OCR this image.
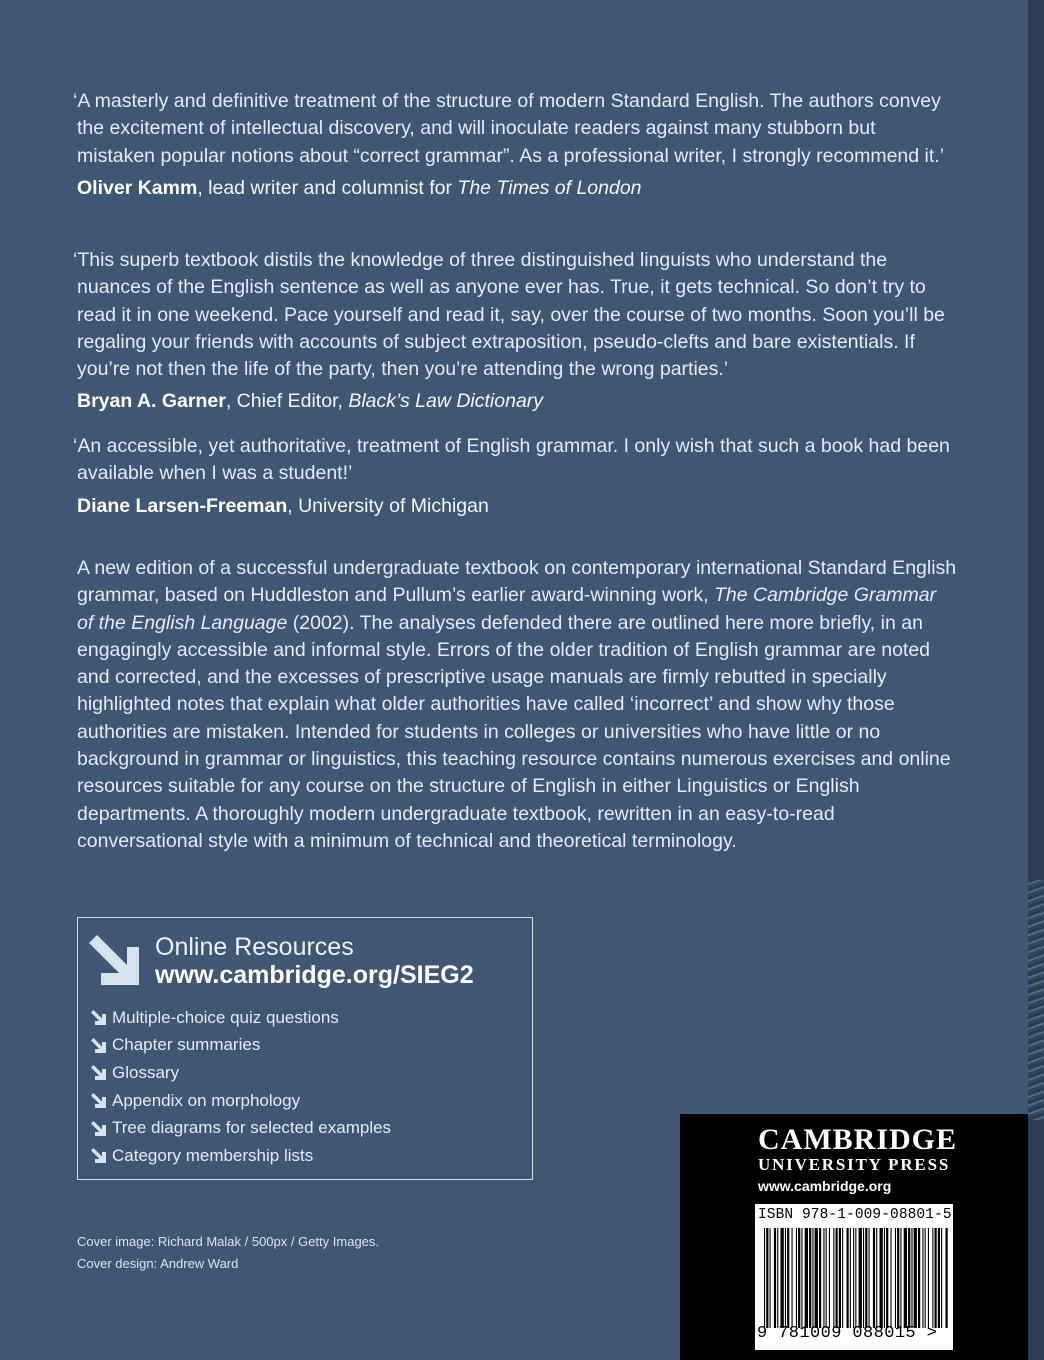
‘A masterly and definitive treatment of the structure of modern Standard English. The authors convey the excitement of intellectual discovery, and will inoculate readers against many stubborn but mistaken popular notions about “correct grammar”. As a professional writer, I strongly recommend it.’

Oliver Kamm, lead writer and columnist for The Times of London

‘This superb textbook distils the knowledge of three distinguished linguists who understand the nuances of the English sentence as well as anyone ever has. True, it gets technical. So don’t try to read it in one weekend. Pace yourself and read it, say, over the course of two months. Soon you’ll be regaling your friends with accounts of subject extraposition, pseudo-clefts and bare existentials. If you’re not then the life of the party, then you’re attending the wrong parties.’

Bryan A. Garner, Chief Editor, Black’s Law Dictionary

‘An accessible, yet authoritative, treatment of English grammar. I only wish that such a book had been available when I was a student!’

Diane Larsen-Freeman, University of Michigan

A new edition of a successful undergraduate textbook on contemporary international Standard English grammar, based on Huddleston and Pullum’s earlier award-winning work, The Cambridge Grammar of the English Language (2002). The analyses defended there are outlined here more briefly, in an engagingly accessible and informal style. Errors of the older tradition of English grammar are noted and corrected, and the excesses of prescriptive usage manuals are firmly rebutted in specially highlighted notes that explain what older authorities have called ‘incorrect’ and show why those authorities are mistaken. Intended for students in colleges or universities who have little or no background in grammar or linguistics, this teaching resource contains numerous exercises and online resources suitable for any course on the structure of English in either Linguistics or English departments. A thoroughly modern undergraduate textbook, rewritten in an easy-to-read conversational style with a minimum of technical and theoretical terminology.

Online Resources
www.cambridge.org/SIEG2
Multiple-choice quiz questions
Chapter summaries
Glossary
Appendix on morphology
Tree diagrams for selected examples
Category membership lists
Cover image: Richard Malak / 500px / Getty Images.
Cover design: Andrew Ward
CAMBRIDGE
UNIVERSITY PRESS
www.cambridge.org
ISBN 978-1-009-08801-5
9 781009 088015 >
